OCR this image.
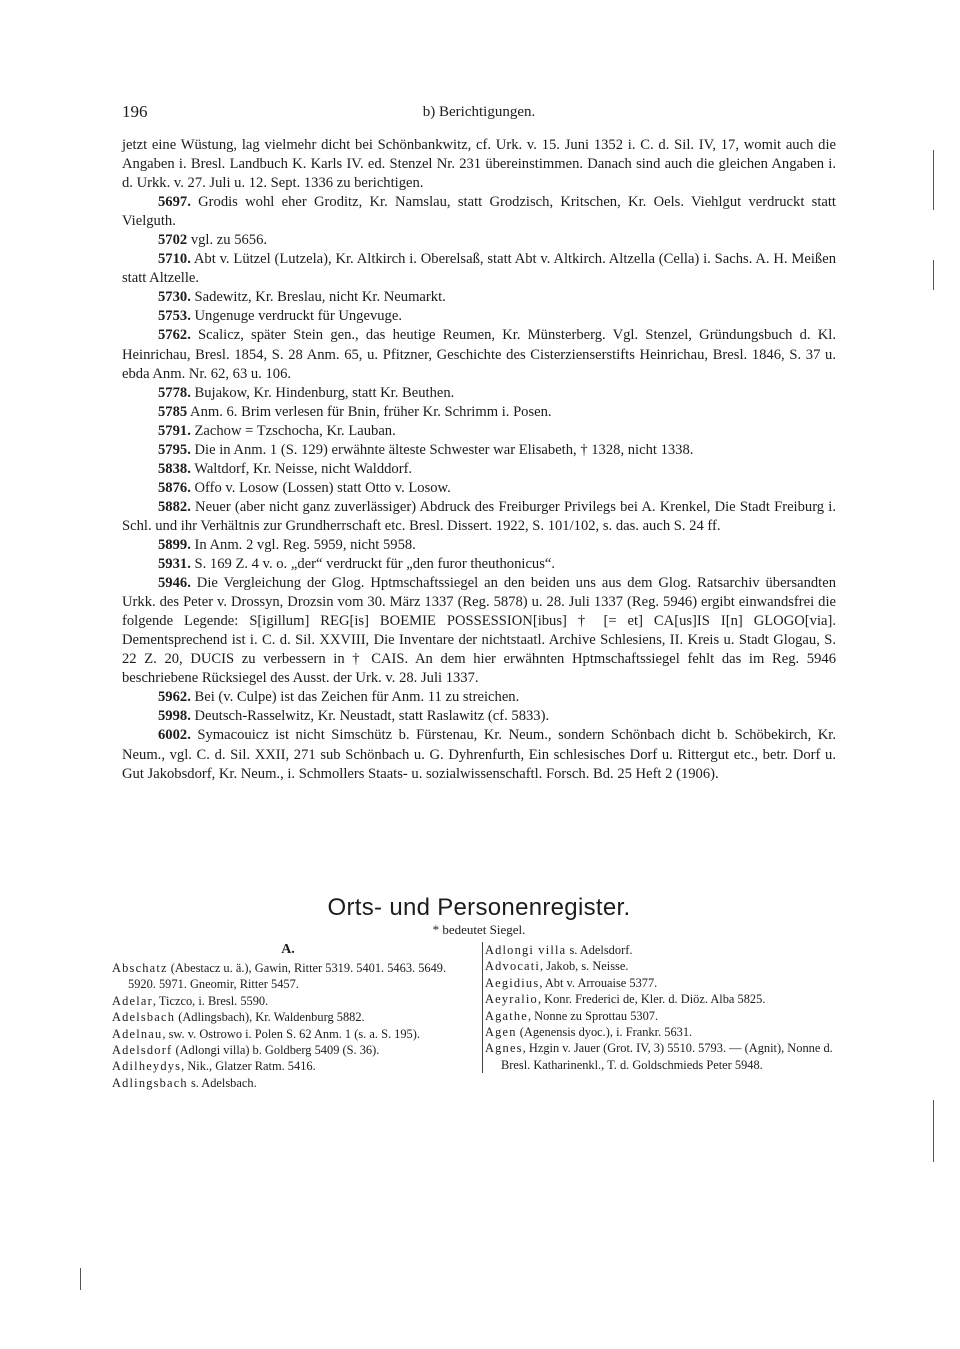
196	b) Berichtigungen.
jetzt eine Wüstung, lag vielmehr dicht bei Schönbankwitz, cf. Urk. v. 15. Juni 1352 i. C. d. Sil. IV, 17, womit auch die Angaben i. Bresl. Landbuch K. Karls IV. ed. Stenzel Nr. 231 übereinstimmen. Danach sind auch die gleichen Angaben i. d. Urkk. v. 27. Juli u. 12. Sept. 1336 zu berichtigen.
5697. Grodis wohl eher Groditz, Kr. Namslau, statt Grodzisch, Kritschen, Kr. Oels. Viehlgut verdruckt statt Vielguth.
5702 vgl. zu 5656.
5710. Abt v. Lützel (Lutzela), Kr. Altkirch i. Oberelsaß, statt Abt v. Altkirch. Altzella (Cella) i. Sachs. A. H. Meißen statt Altzelle.
5730. Sadewitz, Kr. Breslau, nicht Kr. Neumarkt.
5753. Ungenuge verdruckt für Ungevuge.
5762. Scalicz, später Stein gen., das heutige Reumen, Kr. Münsterberg. Vgl. Stenzel, Gründungsbuch d. Kl. Heinrichau, Bresl. 1854, S. 28 Anm. 65, u. Pfitzner, Geschichte des Cisterzienserstifts Heinrichau, Bresl. 1846, S. 37 u. ebda Anm. Nr. 62, 63 u. 106.
5778. Bujakow, Kr. Hindenburg, statt Kr. Beuthen.
5785 Anm. 6. Brim verlesen für Bnin, früher Kr. Schrimm i. Posen.
5791. Zachow = Tzschocha, Kr. Lauban.
5795. Die in Anm. 1 (S. 129) erwähnte älteste Schwester war Elisabeth, † 1328, nicht 1338.
5838. Waltdorf, Kr. Neisse, nicht Walddorf.
5876. Offo v. Losow (Lossen) statt Otto v. Losow.
5882. Neuer (aber nicht ganz zuverlässiger) Abdruck des Freiburger Privilegs bei A. Krenkel, Die Stadt Freiburg i. Schl. und ihr Verhältnis zur Grundherrschaft etc. Bresl. Dissert. 1922, S. 101/102, s. das. auch S. 24 ff.
5899. In Anm. 2 vgl. Reg. 5959, nicht 5958.
5931. S. 169 Z. 4 v. o. „der“ verdruckt für „den furor theuthonicus“.
5946. Die Vergleichung der Glog. Hptmschaftssiegel an den beiden uns aus dem Glog. Ratsarchiv übersandten Urkk. des Peter v. Drossyn, Drozsin vom 30. März 1337 (Reg. 5878) u. 28. Juli 1337 (Reg. 5946) ergibt einwandsfrei die folgende Legende: S[igillum] REG[is] BOEMIE POSSESSION[ibus] † [= et] CA[us]IS I[n] GLOGO[via]. Dementsprechend ist i. C. d. Sil. XXVIII, Die Inventare der nichtstaatl. Archive Schlesiens, II. Kreis u. Stadt Glogau, S. 22 Z. 20, DUCIS zu verbessern in † CAIS. An dem hier erwähnten Hptmschaftssiegel fehlt das im Reg. 5946 beschriebene Rücksiegel des Ausst. der Urk. v. 28. Juli 1337.
5962. Bei (v. Culpe) ist das Zeichen für Anm. 11 zu streichen.
5998. Deutsch-Rasselwitz, Kr. Neustadt, statt Raslawitz (cf. 5833).
6002. Symacouicz ist nicht Simschütz b. Fürstenau, Kr. Neum., sondern Schönbach dicht b. Schöbekirch, Kr. Neum., vgl. C. d. Sil. XXII, 271 sub Schönbach u. G. Dyhrenfurth, Ein schlesisches Dorf u. Rittergut etc., betr. Dorf u. Gut Jakobsdorf, Kr. Neum., i. Schmollers Staats- u. sozialwissenschaftl. Forsch. Bd. 25 Heft 2 (1906).
Orts- und Personenregister.
* bedeutet Siegel.
A.
Abschatz (Abestacz u. ä.), Gawin, Ritter 5319. 5401. 5463. 5649. 5920. 5971. Gneomir, Ritter 5457.
Adelar, Ticzco, i. Bresl. 5590.
Adelsbach (Adlingsbach), Kr. Waldenburg 5882.
Adelnau, sw. v. Ostrowo i. Polen S. 62 Anm. 1 (s. a. S. 195).
Adelsdorf (Adlongi villa) b. Goldberg 5409 (S. 36).
Adilheydys, Nik., Glatzer Ratm. 5416.
Adlingsbach s. Adelsbach.
Adlongi villa s. Adelsdorf.
Advocati, Jakob, s. Neisse.
Aegidius, Abt v. Arrouaise 5377.
Aeyralio, Konr. Frederici de, Kler. d. Diöz. Alba 5825.
Agathe, Nonne zu Sprottau 5307.
Agen (Agenensis dyoc.), i. Frankr. 5631.
Agnes, Hzgin v. Jauer (Grot. IV, 3) 5510. 5793. — (Agnit), Nonne d. Bresl. Katharinenkl., T. d. Goldschmieds Peter 5948.
